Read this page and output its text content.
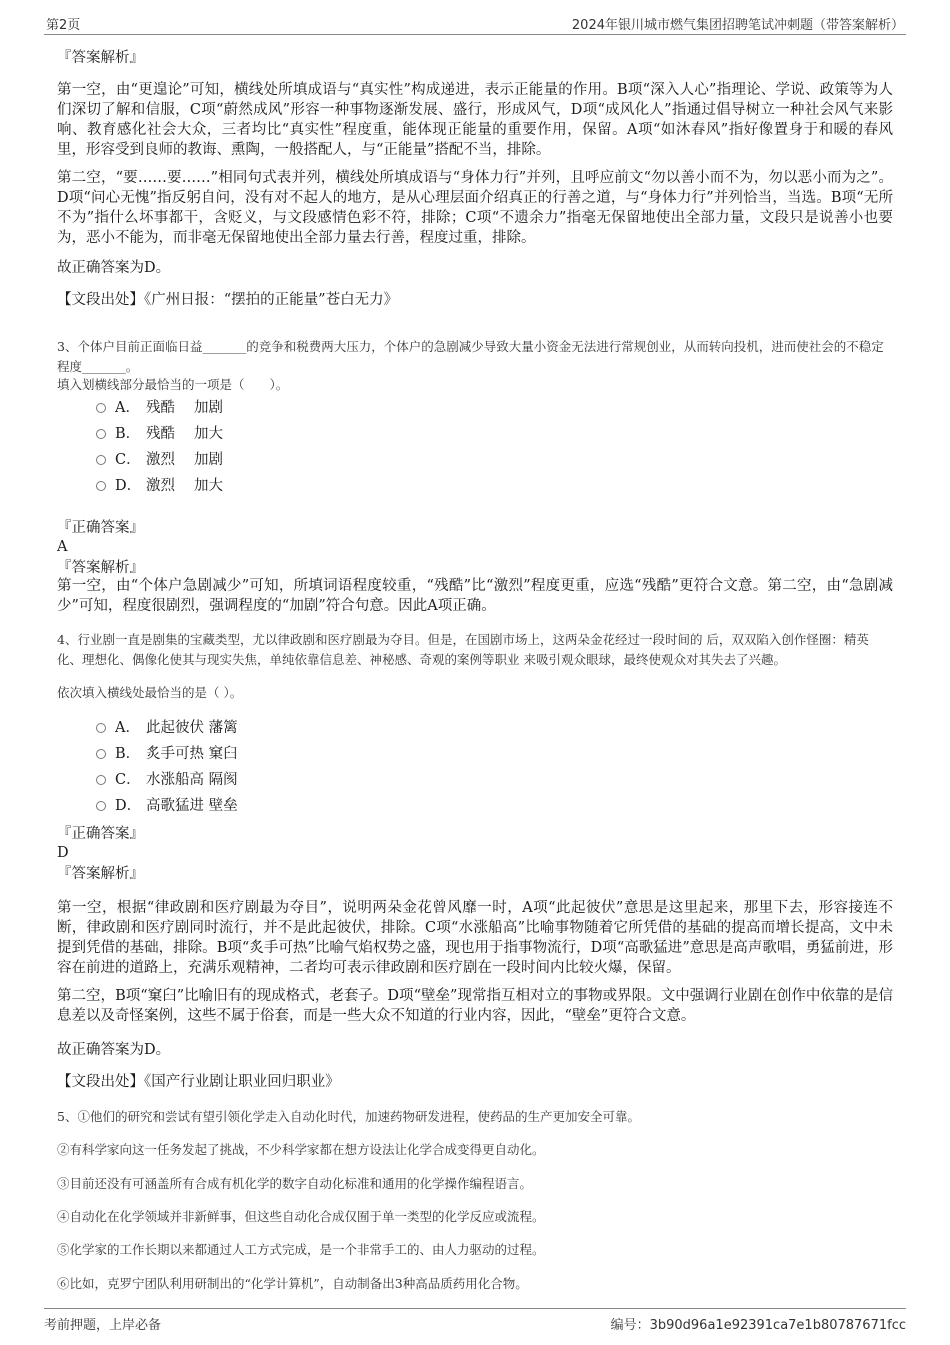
第2页	2024年银川城市燃气集团招聘笔试冲刺题（带答案解析）

『答案解析』

第一空，由“更遑论”可知，横线处所填成语与“真实性”构成递进，表示正能量的作用。B项“深入人心”指理论、学说、政策等为人们深切了解和信服，C项“蔚然成风”形容一种事物逐渐发展、盛行，形成风气，D项“成风化人”指通过倡导树立一种社会风气来影响、教育感化社会大众，三者均比“真实性”程度重，能体现正能量的重要作用，保留。A项“如沐春风”指好像置身于和暖的春风里，形容受到良师的教诲、熏陶，一般搭配人，与“正能量”搭配不当，排除。

第二空，“要……要……”相同句式表并列，横线处所填成语与“身体力行”并列，且呼应前文“勿以善小而不为，勿以恶小而为之”。D项“问心无愧”指反躬自问，没有对不起人的地方，是从心理层面介绍真正的行善之道，与“身体力行”并列恰当，当选。B项“无所不为”指什么坏事都干，含贬义，与文段感情色彩不符，排除；C项“不遗余力”指毫无保留地使出全部力量，文段只是说善小也要为，恶小不能为，而非毫无保留地使出全部力量去行善，程度过重，排除。

故正确答案为D。

【文段出处】《广州日报：“摆拍的正能量”苍白无力》

3、个体户目前正面临日益_______的竞争和税费两大压力，个体户的急剧减少导致大量小资金无法进行常规创业，从而转向投机，进而使社会的不稳定程度_______。

填入划横线部分最恰当的一项是（　　）。

A． 残酷 加剧
B． 残酷 加大
C． 激烈 加剧
D． 激烈 加大

『正确答案』

A

『答案解析』

第一空，由“个体户急剧减少”可知，所填词语程度较重，“残酷”比“激烈”程度更重，应选“残酷”更符合文意。第二空，由“急剧减少”可知，程度很剧烈，强调程度的“加剧”符合句意。因此A项正确。

4、行业剧一直是剧集的宝藏类型，尤以律政剧和医疗剧最为夺目。但是，在国剧市场上，这两朵金花经过一段时间的 后，双双陷入创作怪圈：精英化、理想化、偶像化使其与现实失焦，单纯依靠信息差、神秘感、奇观的案例等职业 来吸引观众眼球，最终使观众对其失去了兴趣。

依次填入横线处最恰当的是（ ）。

A． 此起彼伏 藩篱
B． 炙手可热 窠臼
C． 水涨船高 隔阂
D． 高歌猛进 壁垒

『正确答案』

D

『答案解析』

第一空，根据“律政剧和医疗剧最为夺目”，说明两朵金花曾风靡一时，A项“此起彼伏”意思是这里起来，那里下去，形容接连不断，律政剧和医疗剧同时流行，并不是此起彼伏，排除。C项“水涨船高”比喻事物随着它所凭借的基础的提高而增长提高，文中未提到凭借的基础，排除。B项“炙手可热”比喻气焰权势之盛，现也用于指事物流行，D项“高歌猛进”意思是高声歌唱，勇猛前进，形容在前进的道路上，充满乐观精神，二者均可表示律政剧和医疗剧在一段时间内比较火爆，保留。

第二空，B项“窠臼”比喻旧有的现成格式，老套子。D项“壁垒”现常指互相对立的事物或界限。文中强调行业剧在创作中依靠的是信息差以及奇怪案例，这些不属于俗套，而是一些大众不知道的行业内容，因此，“壁垒”更符合文意。

故正确答案为D。

【文段出处】《国产行业剧让职业回归职业》

5、①他们的研究和尝试有望引领化学走入自动化时代，加速药物研发进程，使药品的生产更加安全可靠。

②有科学家向这一任务发起了挑战，不少科学家都在想方设法让化学合成变得更自动化。

③目前还没有可涵盖所有合成有机化学的数字自动化标准和通用的化学操作编程语言。

④自动化在化学领域并非新鲜事，但这些自动化合成仅囿于单一类型的化学反应或流程。

⑤化学家的工作长期以来都通过人工方式完成，是一个非常手工的、由人力驱动的过程。

⑥比如，克罗宁团队利用研制出的“化学计算机”，自动制备出3种高品质药用化合物。

考前押题，上岸必备	编号：3b90d96a1e92391ca7e1b80787671fcc
